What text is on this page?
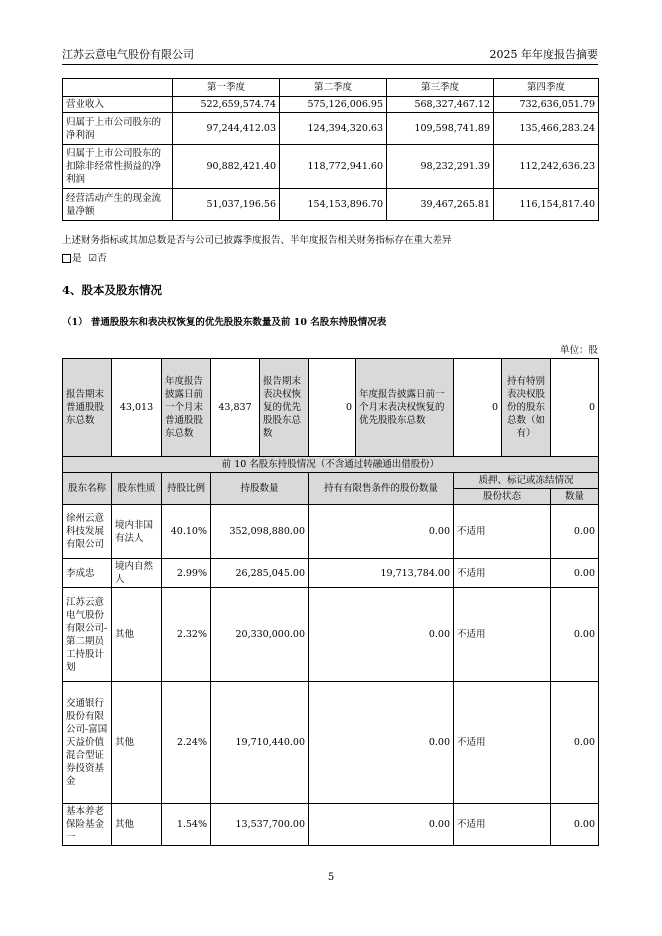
江苏云意电气股份有限公司	2025 年年度报告摘要
	第一季度	第二季度	第三季度	第四季度
营业收入	522,659,574.74	575,126,006.95	568,327,467.12	732,636,051.79
归属于上市公司股东的净利润	97,244,412.03	124,394,320.63	109,598,741.89	135,466,283.24
归属于上市公司股东的扣除非经常性损益的净利润	90,882,421.40	118,772,941.60	98,232,291.39	112,242,636.23
经营活动产生的现金流量净额	51,037,196.56	154,153,896.70	39,467,265.81	116,154,817.40
上述财务指标或其加总数是否与公司已披露季度报告、半年度报告相关财务指标存在重大差异
是 ☑否
4、股本及股东情况
（1） 普通股股东和表决权恢复的优先股股东数量及前 10 名股东持股情况表
单位：股
报告期末普通股股东总数	43,013	年度报告披露日前一个月末普通股股东总数	43,837	报告期末表决权恢复的优先股股东总数	0	年度报告披露日前一个月末表决权恢复的优先股股东总数	0	持有特别表决权股份的股东总数（如有）	0
前 10 名股东持股情况（不含通过转融通出借股份）									
股东名称	股东性质	持股比例	持股数量		持有有限售条件的股份数量		质押、标记或冻结情况		
							股份状态		数量
徐州云意科技发展有限公司	境内非国有法人	40.10%	352,098,880.00		0.00		不适用		0.00
李成忠	境内自然人	2.99%	26,285,045.00		19,713,784.00		不适用		0.00
江苏云意电气股份有限公司-第二期员工持股计划	其他	2.32%	20,330,000.00		0.00		不适用		0.00
交通银行股份有限公司-富国天益价值混合型证券投资基金	其他	2.24%	19,710,440.00		0.00		不适用		0.00
基本养老保险基金一	其他	1.54%	13,537,700.00		0.00		不适用		0.00
5
